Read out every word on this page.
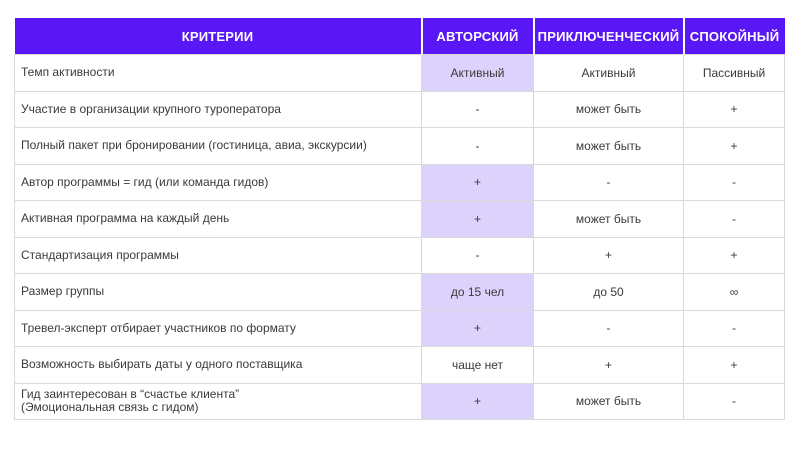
КРИТЕРИИ	АВТОРСКИЙ	ПРИКЛЮЧЕНЧЕСКИЙ	СПОКОЙНЫЙ
Темп активности	Активный	Активный	Пассивный
Участие в организации крупного туроператора	-	может быть	+
Полный пакет при бронировании (гостиница, авиа, экскурсии)	-	может быть	+
Автор программы = гид (или команда гидов)	+	-	-
Активная программа на каждый день	+	может быть	-
Стандартизация программы	-	+	+
Размер группы	до 15 чел	до 50	∞
Тревел-эксперт отбирает участников по формату	+	-	-
Возможность выбирать даты у одного поставщика	чаще нет	+	+

Гид заинтересован в “счастье клиента”
(Эмоциональная связь с гидом)	+	может быть	-
